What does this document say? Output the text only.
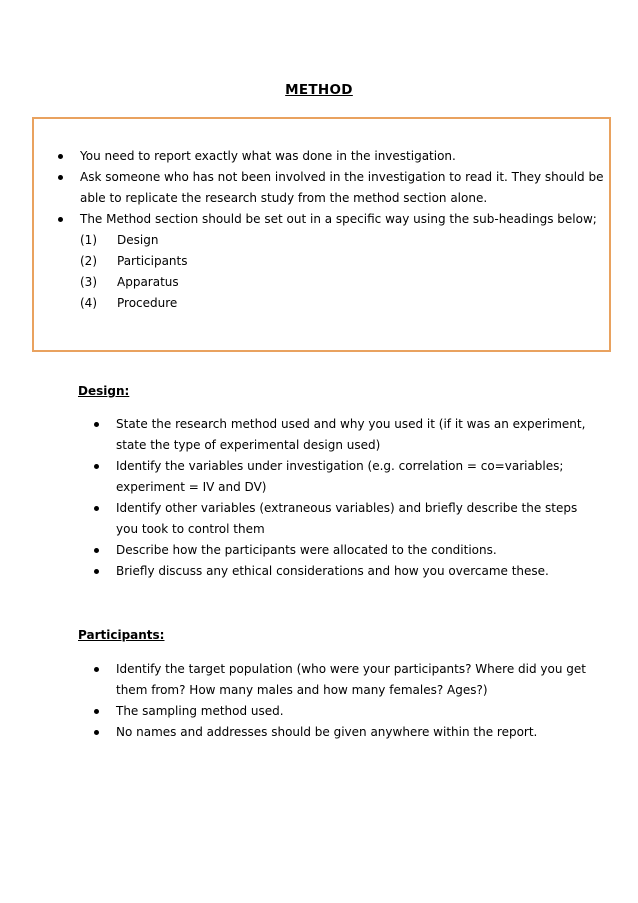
METHOD
You need to report exactly what was done in the investigation.
Ask someone who has not been involved in the investigation to read it. They should be able to replicate the research study from the method section alone.
The Method section should be set out in a specific way using the sub-headings below;
(1)	Design
(2)	Participants
(3)	Apparatus
(4)	Procedure
Design:
State the research method used and why you used it (if it was an experiment, state the type of experimental design used)
Identify the variables under investigation (e.g. correlation = co=variables; experiment = IV and DV)
Identify other variables (extraneous variables) and briefly describe the steps you took to control them
Describe how the participants were allocated to the conditions.
Briefly discuss any ethical considerations and how you overcame these.
Participants:
Identify the target population (who were your participants? Where did you get them from? How many males and how many females? Ages?)
The sampling method used.
No names and addresses should be given anywhere within the report.
